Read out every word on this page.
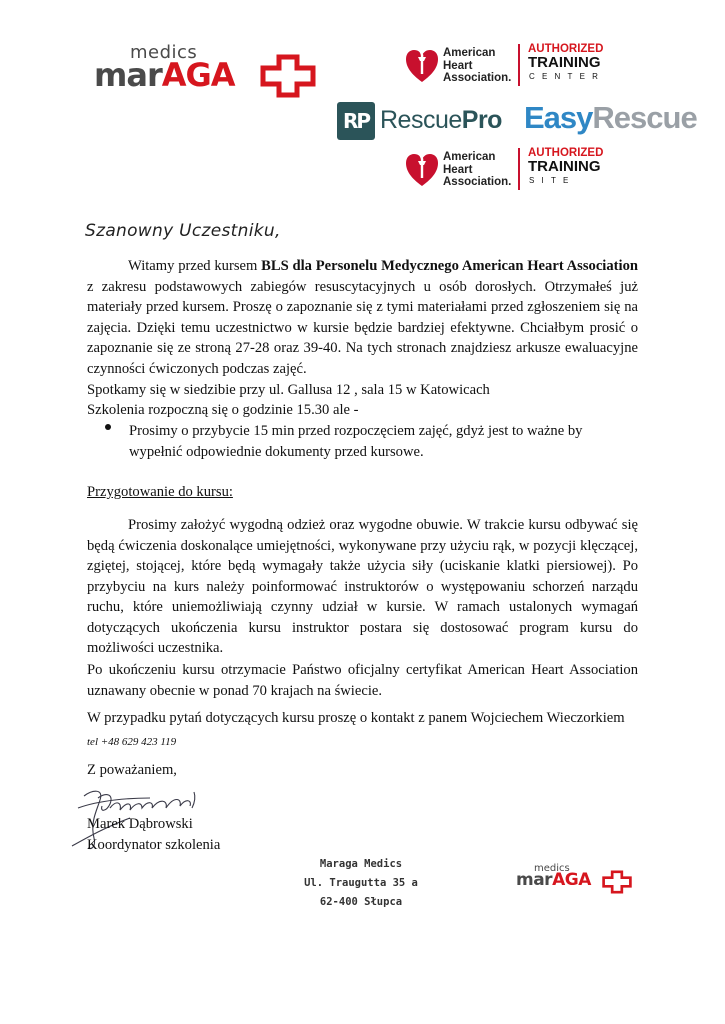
medics
marAGA
American
Heart
Association.
AUTHORIZED
TRAINING
CENTER
RP RescuePro EasyRescue
American
Heart
Association.
AUTHORIZED
TRAINING
SITE
Szanowny Uczestniku,

Witamy przed kursem BLS dla Personelu Medycznego American Heart Association z zakresu podstawowych zabiegów resuscytacyjnych u osób dorosłych. Otrzymałeś już materiały przed kursem. Proszę o zapoznanie się z tymi materiałami przed zgłoszeniem się na zajęcia. Dzięki temu uczestnictwo w kursie będzie bardziej efektywne. Chciałbym prosić o zapoznanie się ze stroną 27-28 oraz 39-40. Na tych stronach znajdziesz arkusze ewaluacyjne czynności ćwiczonych podczas zajęć.

Spotkamy się w siedzibie przy ul. Gallusa 12 , sala 15 w Katowicach
Szkolenia rozpoczną się o godzinie 15.30 ale -
Prosimy o przybycie 15 min przed rozpoczęciem zajęć, gdyż jest to ważne by wypełnić odpowiednie dokumenty przed kursowe.
Przygotowanie do kursu:

Prosimy założyć wygodną odzież oraz wygodne obuwie. W trakcie kursu odbywać się będą ćwiczenia doskonalące umiejętności, wykonywane przy użyciu rąk, w pozycji klęczącej, zgiętej, stojącej, które będą wymagały także użycia siły (uciskanie klatki piersiowej). Po przybyciu na kurs należy poinformować instruktorów o występowaniu schorzeń narządu ruchu, które uniemożliwiają czynny udział w kursie. W ramach ustalonych wymagań dotyczących ukończenia kursu instruktor postara się dostosować program kursu do możliwości uczestnika.

Po ukończeniu kursu otrzymacie Państwo oficjalny certyfikat American Heart Association uznawany obecnie w ponad 70 krajach na świecie.

W przypadku pytań dotyczących kursu proszę o kontakt z panem Wojciechem Wieczorkiem
tel +48 629 423 119
Z poważaniem,
Marek Dąbrowski
Koordynator szkolenia
Maraga Medics
Ul. Traugutta 35 a
62-400 Słupca
medics
marAGA
